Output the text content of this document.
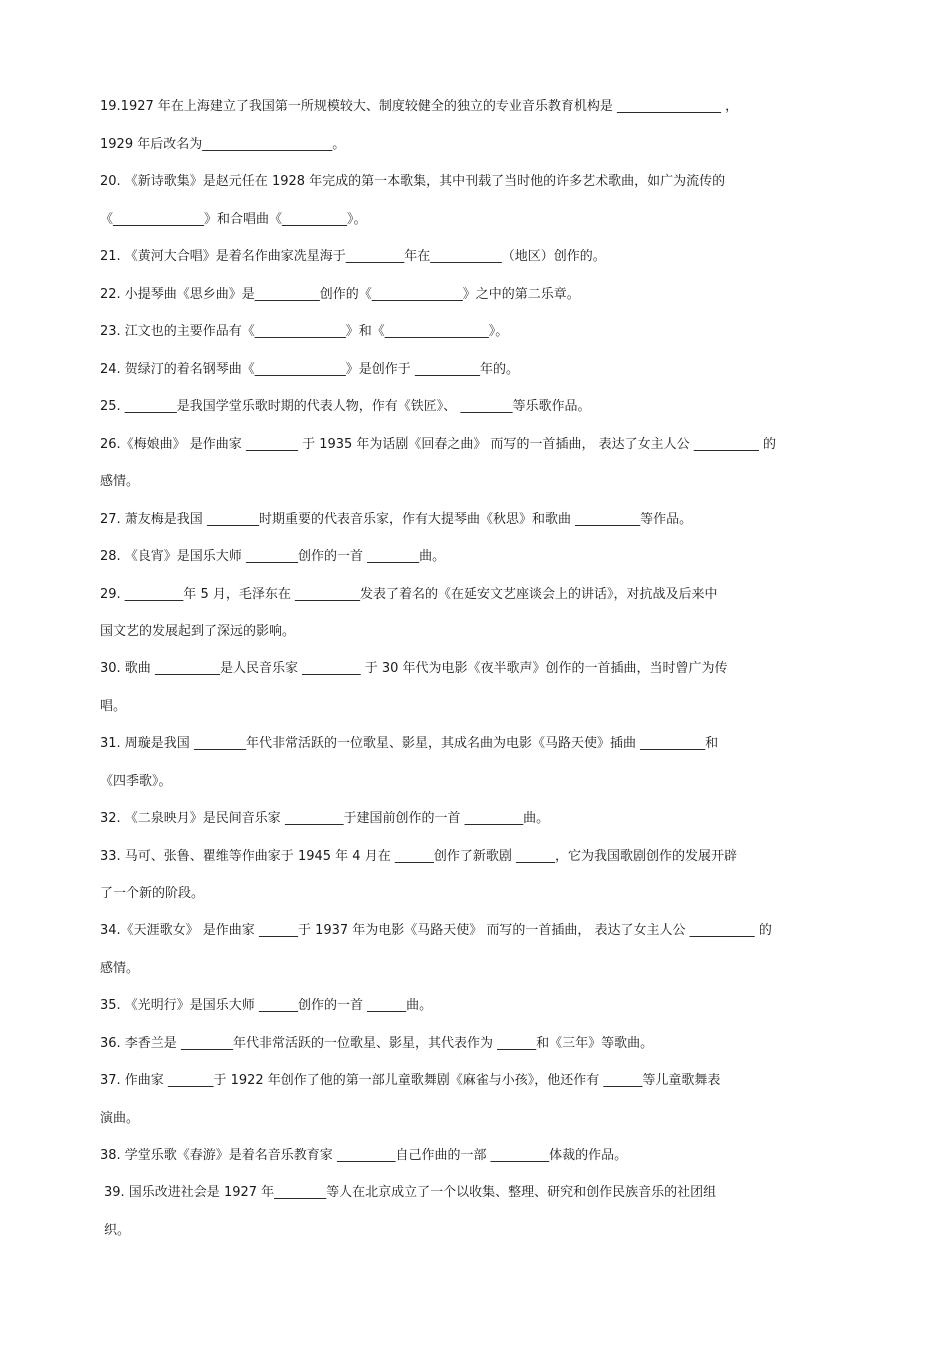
19.1927 年在上海建立了我国第一所规模较大、制度较健全的独立的专业音乐教育机构是 ________________ ，
1929 年后改名为____________________。
20. 《新诗歌集》是赵元任在 1928 年完成的第一本歌集，其中刊载了当时他的许多艺术歌曲，如广为流传的
《______________》和合唱曲《__________》。
21. 《黄河大合唱》是着名作曲家冼星海于_________年在___________（地区）创作的。
22. 小提琴曲《思乡曲》是__________创作的《______________》之中的第二乐章。
23. 江文也的主要作品有《______________》和《________________》。
24. 贺绿汀的着名钢琴曲《______________》是创作于 __________年的。
25. ________是我国学堂乐歌时期的代表人物，作有《铁匠》、 ________等乐歌作品。
26.《梅娘曲》 是作曲家 ________ 于 1935 年为话剧《回春之曲》 而写的一首插曲， 表达了女主人公 __________ 的
感情。
27. 萧友梅是我国 ________时期重要的代表音乐家，作有大提琴曲《秋思》和歌曲 __________等作品。
28. 《良宵》是国乐大师 ________创作的一首 ________曲。
29. _________年 5 月，毛泽东在 __________发表了着名的《在延安文艺座谈会上的讲话》，对抗战及后来中
国文艺的发展起到了深远的影响。
30. 歌曲 __________是人民音乐家 _________ 于 30 年代为电影《夜半歌声》创作的一首插曲，当时曾广为传
唱。
31. 周璇是我国 ________年代非常活跃的一位歌星、影星，其成名曲为电影《马路天使》插曲 __________和
《四季歌》。
32. 《二泉映月》是民间音乐家 _________于建国前创作的一首 _________曲。
33. 马可、张鲁、瞿维等作曲家于 1945 年 4 月在 ______创作了新歌剧 ______，它为我国歌剧创作的发展开辟
了一个新的阶段。
34.《天涯歌女》 是作曲家 ______于 1937 年为电影《马路天使》 而写的一首插曲， 表达了女主人公 __________ 的
感情。
35. 《光明行》是国乐大师 ______创作的一首 ______曲。
36. 李香兰是 ________年代非常活跃的一位歌星、影星，其代表作为 ______和《三年》等歌曲。
37. 作曲家 _______于 1922 年创作了他的第一部儿童歌舞剧《麻雀与小孩》，他还作有 ______等儿童歌舞表
演曲。
38. 学堂乐歌《春游》是着名音乐教育家 _________自己作曲的一部 _________体裁的作品。
39. 国乐改进社会是 1927 年________等人在北京成立了一个以收集、整理、研究和创作民族音乐的社团组
织。
